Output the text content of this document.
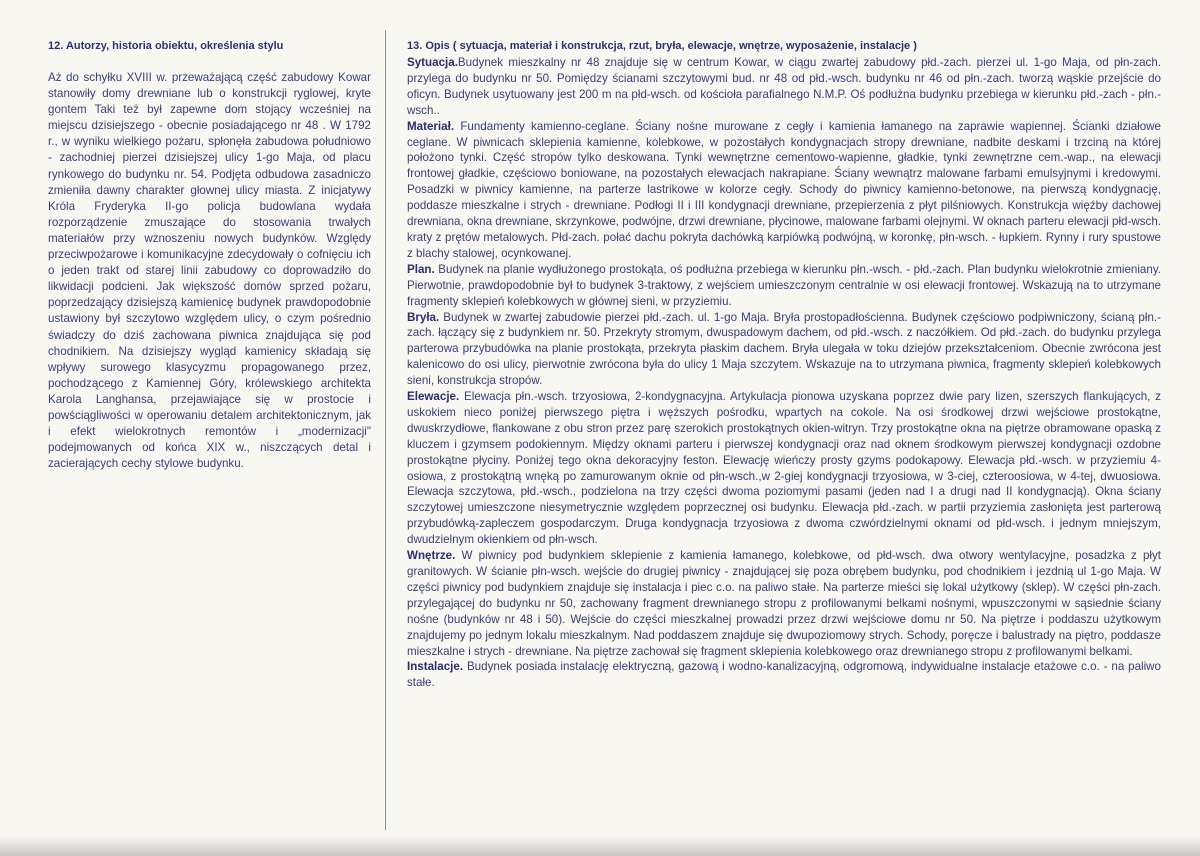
12. Autorzy, historia obiektu, określenia stylu

Aż do schyłku XVIII w. przeważającą część zabudowy Kowar stanowiły domy drewniane lub o konstrukcji ryglowej, kryte gontem Taki też był zapewne dom stojący wcześniej na miejscu dzisiejszego - obecnie posiadającego nr 48 . W 1792 r., w wyniku wielkiego pożaru, spłonęła zabudowa południowo - zachodniej pierzei dzisiejszej ulicy 1-go Maja, od placu rynkowego do budynku nr. 54. Podjęta odbudowa zasadniczo zmieniła dawny charakter głownej ulicy miasta. Z inicjatywy Króla Fryderyka II-go policja budowlana wydała rozporządzenie zmuszające do stosowania trwałych materiałów przy wznoszeniu nowych budynków. Względy przeciwpożarowe i komunikacyjne zdecydowały o cofnięciu ich o jeden trakt od starej linii zabudowy co doprowadziło do likwidacji podcieni. Jak większość domów sprzed pożaru, poprzedzający dzisiejszą kamienicę budynek prawdopodobnie ustawiony był szczytowo względem ulicy, o czym pośrednio świadczy do dziś zachowana piwnica znajdująca się pod chodnikiem. Na dzisiejszy wygląd kamienicy składają się wpływy surowego klasycyzmu propagowanego przez, pochodzącego z Kamiennej Góry, królewskiego architekta Karola Langhansa, przejawiające się w prostocie i powściągliwości w operowaniu detalem architektonicznym, jak i efekt wielokrotnych remontów i „modernizacji" podejmowanych od końca XIX w., niszczących detal i zacierających cechy stylowe budynku.

13. Opis ( sytuacja, materiał i konstrukcja, rzut, bryła, elewacje, wnętrze, wyposażenie, instalacje )

Sytuacja.Budynek mieszkalny nr 48 znajduje się w centrum Kowar, w ciągu zwartej zabudowy płd.-zach. pierzei ul. 1-go Maja, od płn-zach. przylega do budynku nr 50. Pomiędzy ścianami szczytowymi bud. nr 48 od płd.-wsch. budynku nr 46 od płn.-zach. tworzą wąskie przejście do oficyn. Budynek usytuowany jest 200 m na płd-wsch. od kościoła parafialnego N.M.P. Oś podłużna budynku przebiega w kierunku płd.-zach - płn.-wsch..

Materiał. Fundamenty kamienno-ceglane. Ściany nośne murowane z cegły i kamienia łamanego na zaprawie wapiennej. Ścianki działowe ceglane. W piwnicach sklepienia kamienne, kolebkowe, w pozostałych kondygnacjach stropy drewniane, nadbite deskami i trzciną na której położono tynki. Część stropów tylko deskowana. Tynki wewnętrzne cementowo-wapienne, gładkie, tynki zewnętrzne cem.-wap., na elewacji frontowej gładkie, częściowo boniowane, na pozostałych elewacjach nakrapiane. Ściany wewnątrz malowane farbami emulsyjnymi i kredowymi. Posadzki w piwnicy kamienne, na parterze lastrikowe w kolorze cegły. Schody do piwnicy kamienno-betonowe, na pierwszą kondygnację, poddasze mieszkalne i strych - drewniane. Podłogi II i III kondygnacji drewniane, przepierzenia z płyt pilśniowych. Konstrukcja więźby dachowej drewniana, okna drewniane, skrzynkowe, podwójne, drzwi drewniane, płycinowe, malowane farbami olejnymi. W oknach parteru elewacji płd-wsch. kraty z prętów metalowych. Płd-zach. połać dachu pokryta dachówką karpiówką podwójną, w koronkę, płn-wsch. - łupkiem. Rynny i rury spustowe z blachy stalowej, ocynkowanej.

Plan. Budynek na planie wydłużonego prostokąta, oś podłużna przebiega w kierunku płn.-wsch. - płd.-zach. Plan budynku wielokrotnie zmieniany. Pierwotnie, prawdopodobnie był to budynek 3-traktowy, z wejściem umieszczonym centralnie w osi elewacji frontowej. Wskazują na to utrzymane fragmenty sklepień kolebkowych w głównej sieni, w przyziemiu.

Bryła. Budynek w zwartej zabudowie pierzei płd.-zach. ul. 1-go Maja. Bryła prostopadłościenna. Budynek częściowo podpiwniczony, ścianą płn.-zach. łączący się z budynkiem nr. 50. Przekryty stromym, dwuspadowym dachem, od płd.-wsch. z naczółkiem. Od płd.-zach. do budynku przylega parterowa przybudówka na planie prostokąta, przekryta płaskim dachem. Bryła ulegała w toku dziejów przekształceniom. Obecnie zwrócona jest kalenicowo do osi ulicy, pierwotnie zwrócona była do ulicy 1 Maja szczytem. Wskazuje na to utrzymana piwnica, fragmenty sklepień kolebkowych sieni, konstrukcja stropów.

Elewacje. Elewacja płn.-wsch. trzyosiowa, 2-kondygnacyjna. Artykulacja pionowa uzyskana poprzez dwie pary lizen, szerszych flankujących, z uskokiem nieco poniżej pierwszego piętra i węższych pośrodku, wpartych na cokole. Na osi środkowej drzwi wejściowe prostokątne, dwuskrzydłowe, flankowane z obu stron przez parę szerokich prostokątnych okien-witryn. Trzy prostokątne okna na piętrze obramowane opaską z kluczem i gzymsem podokiennym. Między oknami parteru i pierwszej kondygnacji oraz nad oknem środkowym pierwszej kondygnacji ozdobne prostokątne płyciny. Poniżej tego okna dekoracyjny feston. Elewację wieńczy prosty gzyms podokapowy. Elewacja płd.-wsch. w przyziemiu 4-osiowa, z prostokątną wnęką po zamurowanym oknie od płn-wsch.,w 2-giej kondygnacji trzyosiowa, w 3-ciej, czteroosiowa, w 4-tej, dwuosiowa. Elewacja szczytowa, płd.-wsch., podzielona na trzy części dwoma poziomymi pasami (jeden nad I a drugi nad II kondygnacją). Okna ściany szczytowej umieszczone niesymetrycznie względem poprzecznej osi budynku. Elewacja płd.-zach. w partii przyziemia zasłonięta jest parterową przybudówką-zapleczem gospodarczym. Druga kondygnacja trzyosiowa z dwoma czwórdzielnymi oknami od płd-wsch. i jednym mniejszym, dwudzielnym okienkiem od płn-wsch.

Wnętrze. W piwnicy pod budynkiem sklepienie z kamienia łamanego, kolebkowe, od płd-wsch. dwa otwory wentylacyjne, posadzka z płyt granitowych. W ścianie płn-wsch. wejście do drugiej piwnicy - znajdującej się poza obrębem budynku, pod chodnikiem i jezdnią ul 1-go Maja. W części piwnicy pod budynkiem znajduje się instalacja i piec c.o. na paliwo stałe. Na parterze mieści się lokal użytkowy (sklep). W części płn-zach. przylegającej do budynku nr 50, zachowany fragment drewnianego stropu z profilowanymi belkami nośnymi, wpuszczonymi w sąsiednie ściany nośne (budynków nr 48 i 50). Wejście do części mieszkalnej prowadzi przez drzwi wejściowe domu nr 50. Na piętrze i poddaszu użytkowym znajdujemy po jednym lokalu mieszkalnym. Nad poddaszem znajduje się dwupoziomowy strych. Schody, poręcze i balustrady na piętro, poddasze mieszkalne i strych - drewniane. Na piętrze zachował się fragment sklepienia kolebkowego oraz drewnianego stropu z profilowanymi belkami.

Instalacje. Budynek posiada instalację elektryczną, gazową i wodno-kanalizacyjną, odgromową, indywidualne instalacje etażowe c.o. - na paliwo stałe.
